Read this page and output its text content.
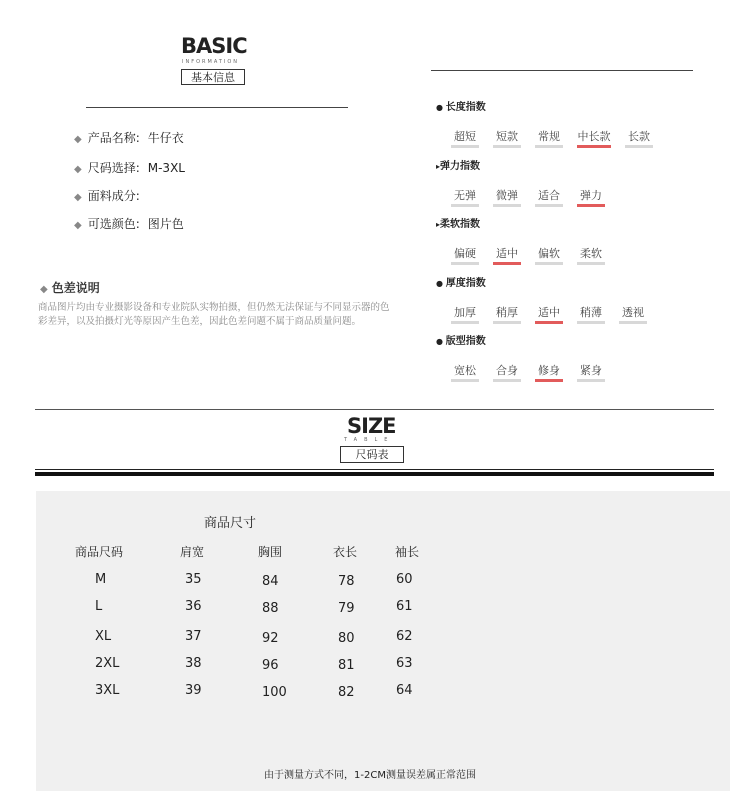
BASIC
INFORMATION
基本信息
◆ 产品名称: 牛仔衣
◆ 尺码选择: M-3XL
◆ 面料成分:
◆ 可选颜色: 图片色
◆ 色差说明
商品图片均由专业摄影设备和专业院队实物拍摄，但仍然无法保证与不同显示器的色彩差异，以及拍摄灯光等原因产生色差，因此色差问题不属于商品质量问题。
● 长度指数
超短 短款 常规 中长款 长款
▸弹力指数
无弹 微弹 适合 弹力
▸柔软指数
偏硬 适中 偏软 柔软
● 厚度指数
加厚 稍厚 适中 稍薄 透视
● 版型指数
宽松 合身 修身 紧身
SIZE
TABLE
尺码表
商品尺寸
商品尺码	肩宽	胸围	衣长	袖长
M	35	84	78	60
L	36	88	79	61
XL	37	92	80	62
2XL	38	96	81	63
3XL	39	100	82	64
由于测量方式不同，1-2CM测量误差属正常范围
